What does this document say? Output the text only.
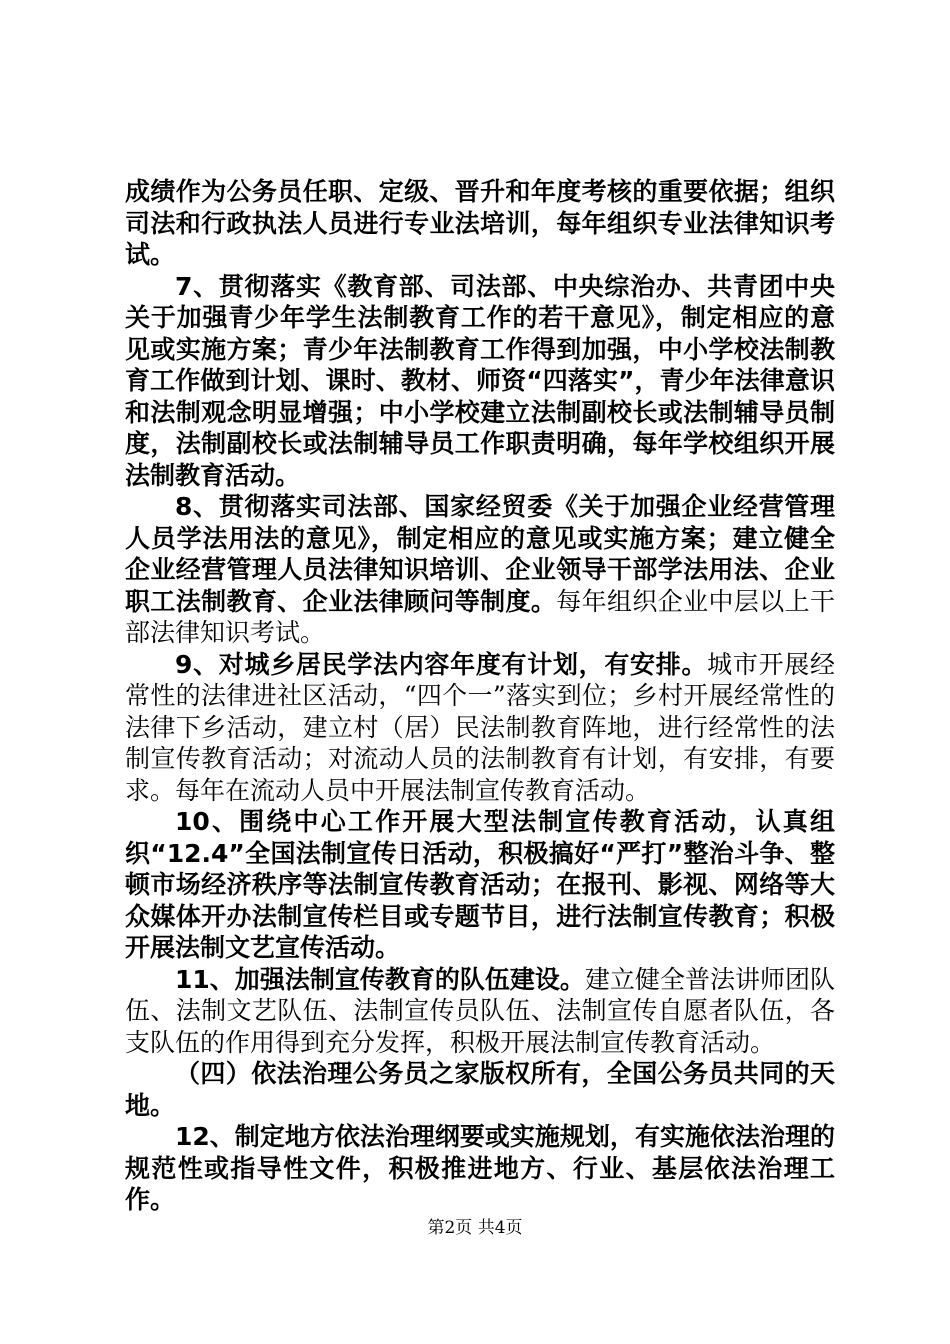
成绩作为公务员任职、定级、晋升和年度考核的重要依据；组织司法和行政执法人员进行专业法培训，每年组织专业法律知识考试。

7、贯彻落实《教育部、司法部、中央综治办、共青团中央关于加强青少年学生法制教育工作的若干意见》，制定相应的意见或实施方案；青少年法制教育工作得到加强，中小学校法制教育工作做到计划、课时、教材、师资“四落实”，青少年法律意识和法制观念明显增强；中小学校建立法制副校长或法制辅导员制度，法制副校长或法制辅导员工作职责明确，每年学校组织开展法制教育活动。

8、贯彻落实司法部、国家经贸委《关于加强企业经营管理人员学法用法的意见》，制定相应的意见或实施方案；建立健全企业经营管理人员法律知识培训、企业领导干部学法用法、企业职工法制教育、企业法律顾问等制度。每年组织企业中层以上干部法律知识考试。

9、对城乡居民学法内容年度有计划，有安排。城市开展经常性的法律进社区活动，“四个一”落实到位；乡村开展经常性的法律下乡活动，建立村（居）民法制教育阵地，进行经常性的法制宣传教育活动；对流动人员的法制教育有计划，有安排，有要求。每年在流动人员中开展法制宣传教育活动。

10、围绕中心工作开展大型法制宣传教育活动，认真组织“12.4”全国法制宣传日活动，积极搞好“严打”整治斗争、整顿市场经济秩序等法制宣传教育活动；在报刊、影视、网络等大众媒体开办法制宣传栏目或专题节目，进行法制宣传教育；积极开展法制文艺宣传活动。

11、加强法制宣传教育的队伍建设。建立健全普法讲师团队伍、法制文艺队伍、法制宣传员队伍、法制宣传自愿者队伍，各支队伍的作用得到充分发挥，积极开展法制宣传教育活动。

（四）依法治理公务员之家版权所有，全国公务员共同的天地。

12、制定地方依法治理纲要或实施规划，有实施依法治理的规范性或指导性文件，积极推进地方、行业、基层依法治理工作。

第2页 共4页
